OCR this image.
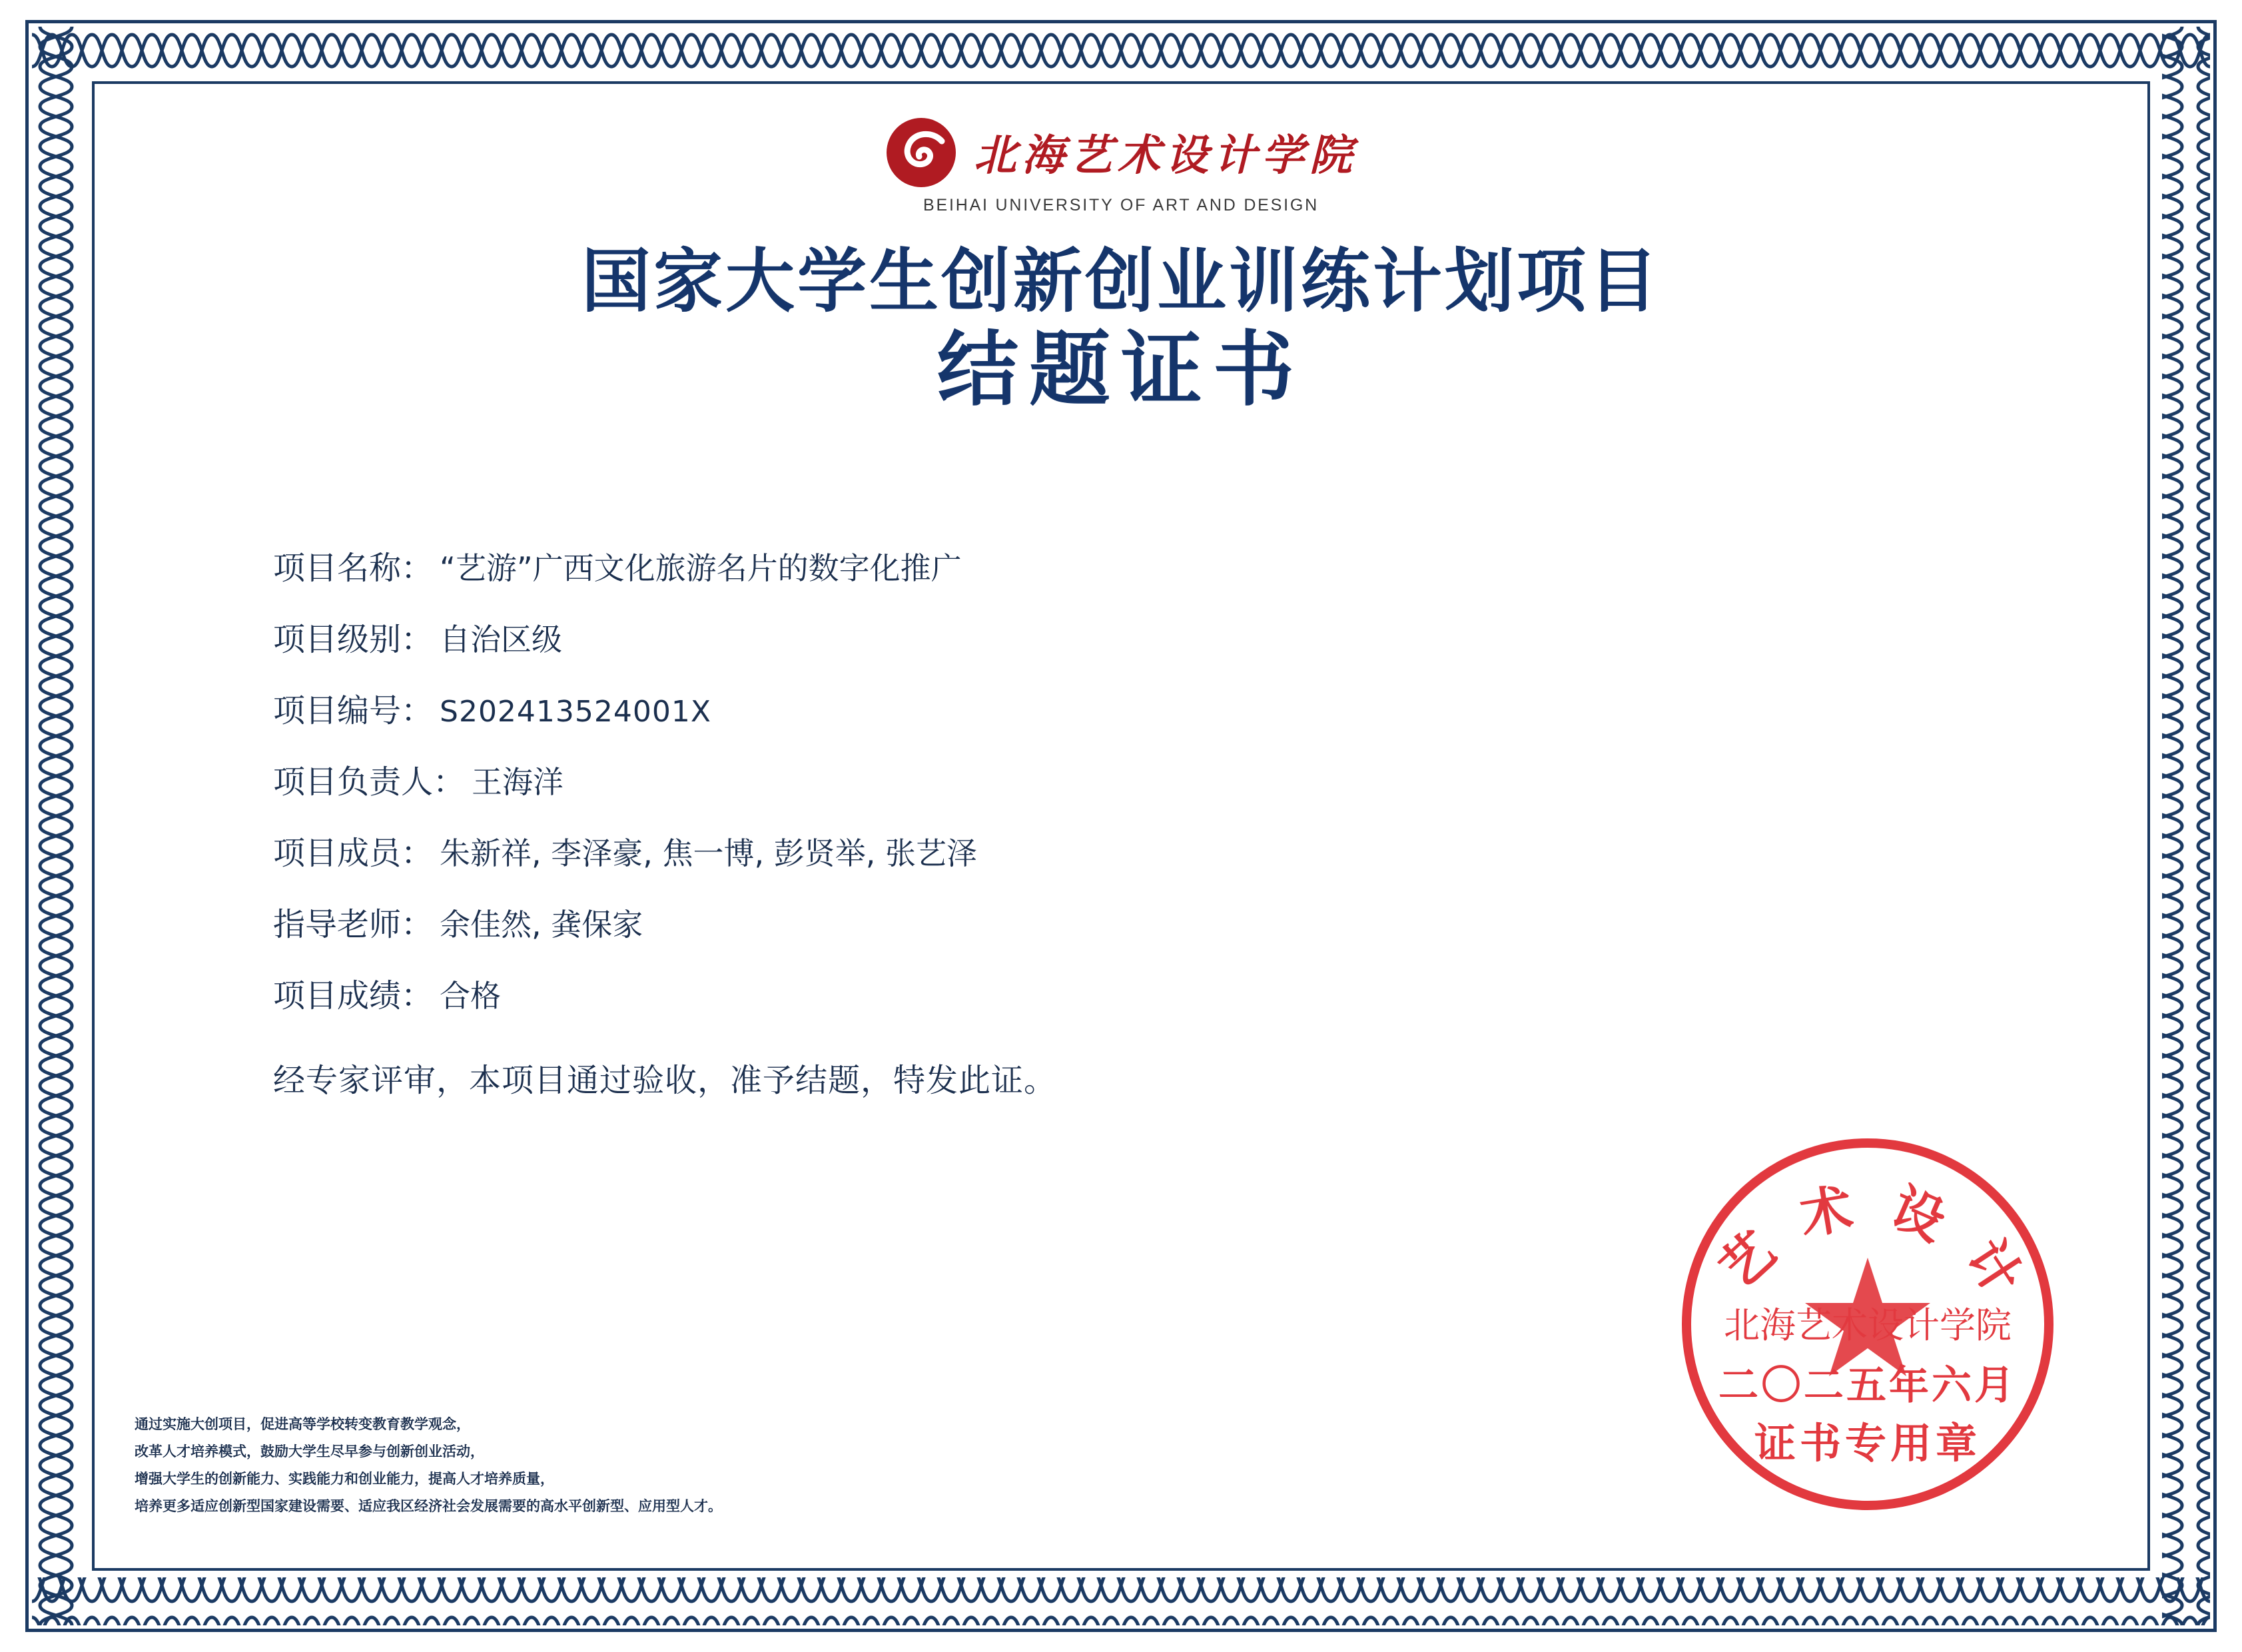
北海艺术设计学院
BEIHAI UNIVERSITY OF ART AND DESIGN
国家大学生创新创业训练计划项目
结题证书
项目名称： “艺游”广西文化旅游名片的数字化推广
项目级别： 自治区级
项目编号： S202413524001X
项目负责人： 王海洋
项目成员： 朱新祥, 李泽豪, 焦一博, 彭贤举, 张艺泽
指导老师： 余佳然, 龚保家
项目成绩： 合格
经专家评审，本项目通过验收，准予结题，特发此证。
通过实施大创项目，促进高等学校转变教育教学观念，
改革人才培养模式，鼓励大学生尽早参与创新创业活动，
增强大学生的创新能力、实践能力和创业能力，提高人才培养质量，
培养更多适应创新型国家建设需要、适应我区经济社会发展需要的高水平创新型、应用型人才。
艺术设计
北海艺术设计学院
二〇二五年六月
证书专用章
